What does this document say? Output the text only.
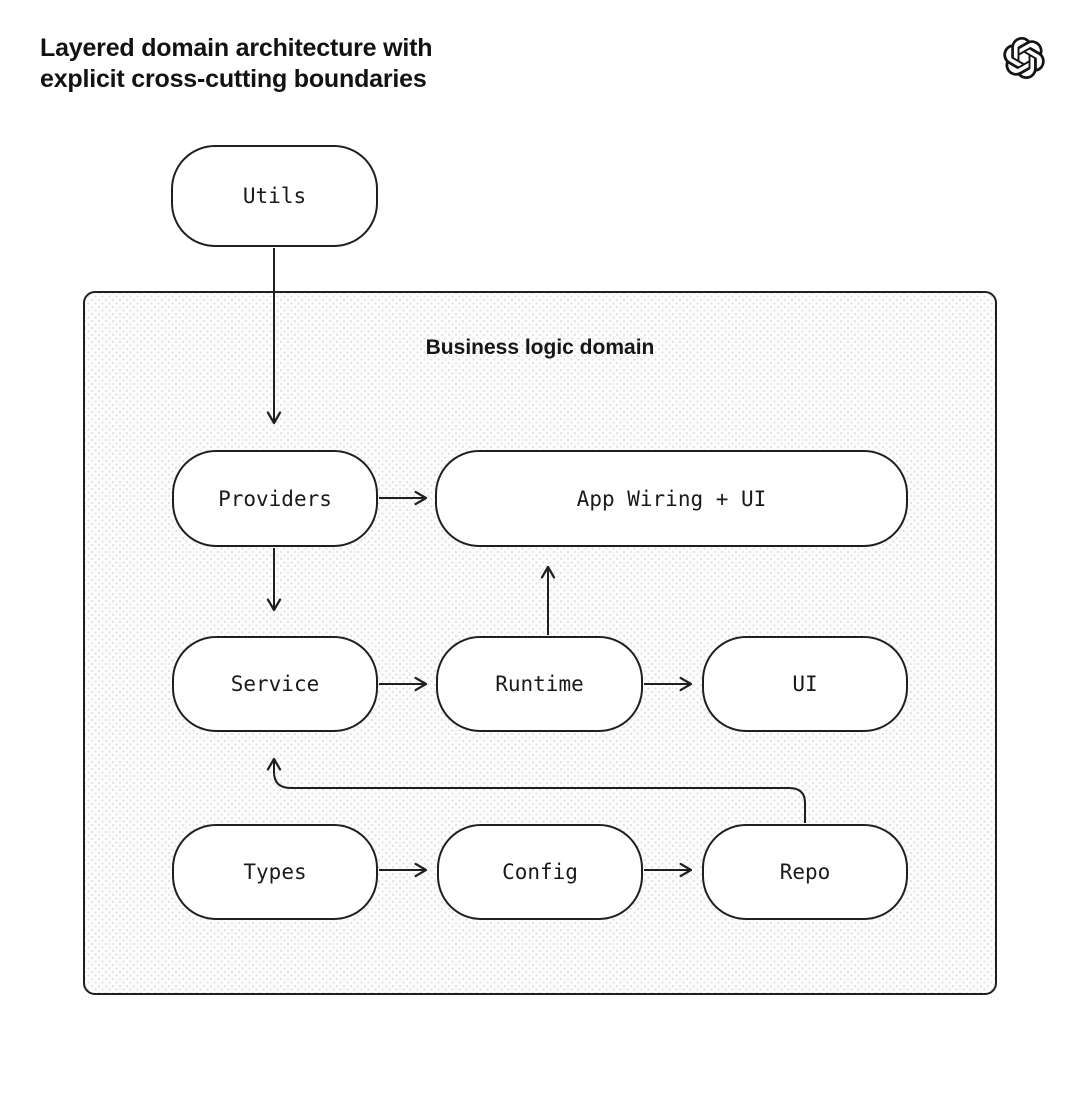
Layered domain architecture with
explicit cross-cutting boundaries
Business logic domain
Utils
Providers	App Wiring + UI
Service	Runtime	UI
Types	Config	Repo
